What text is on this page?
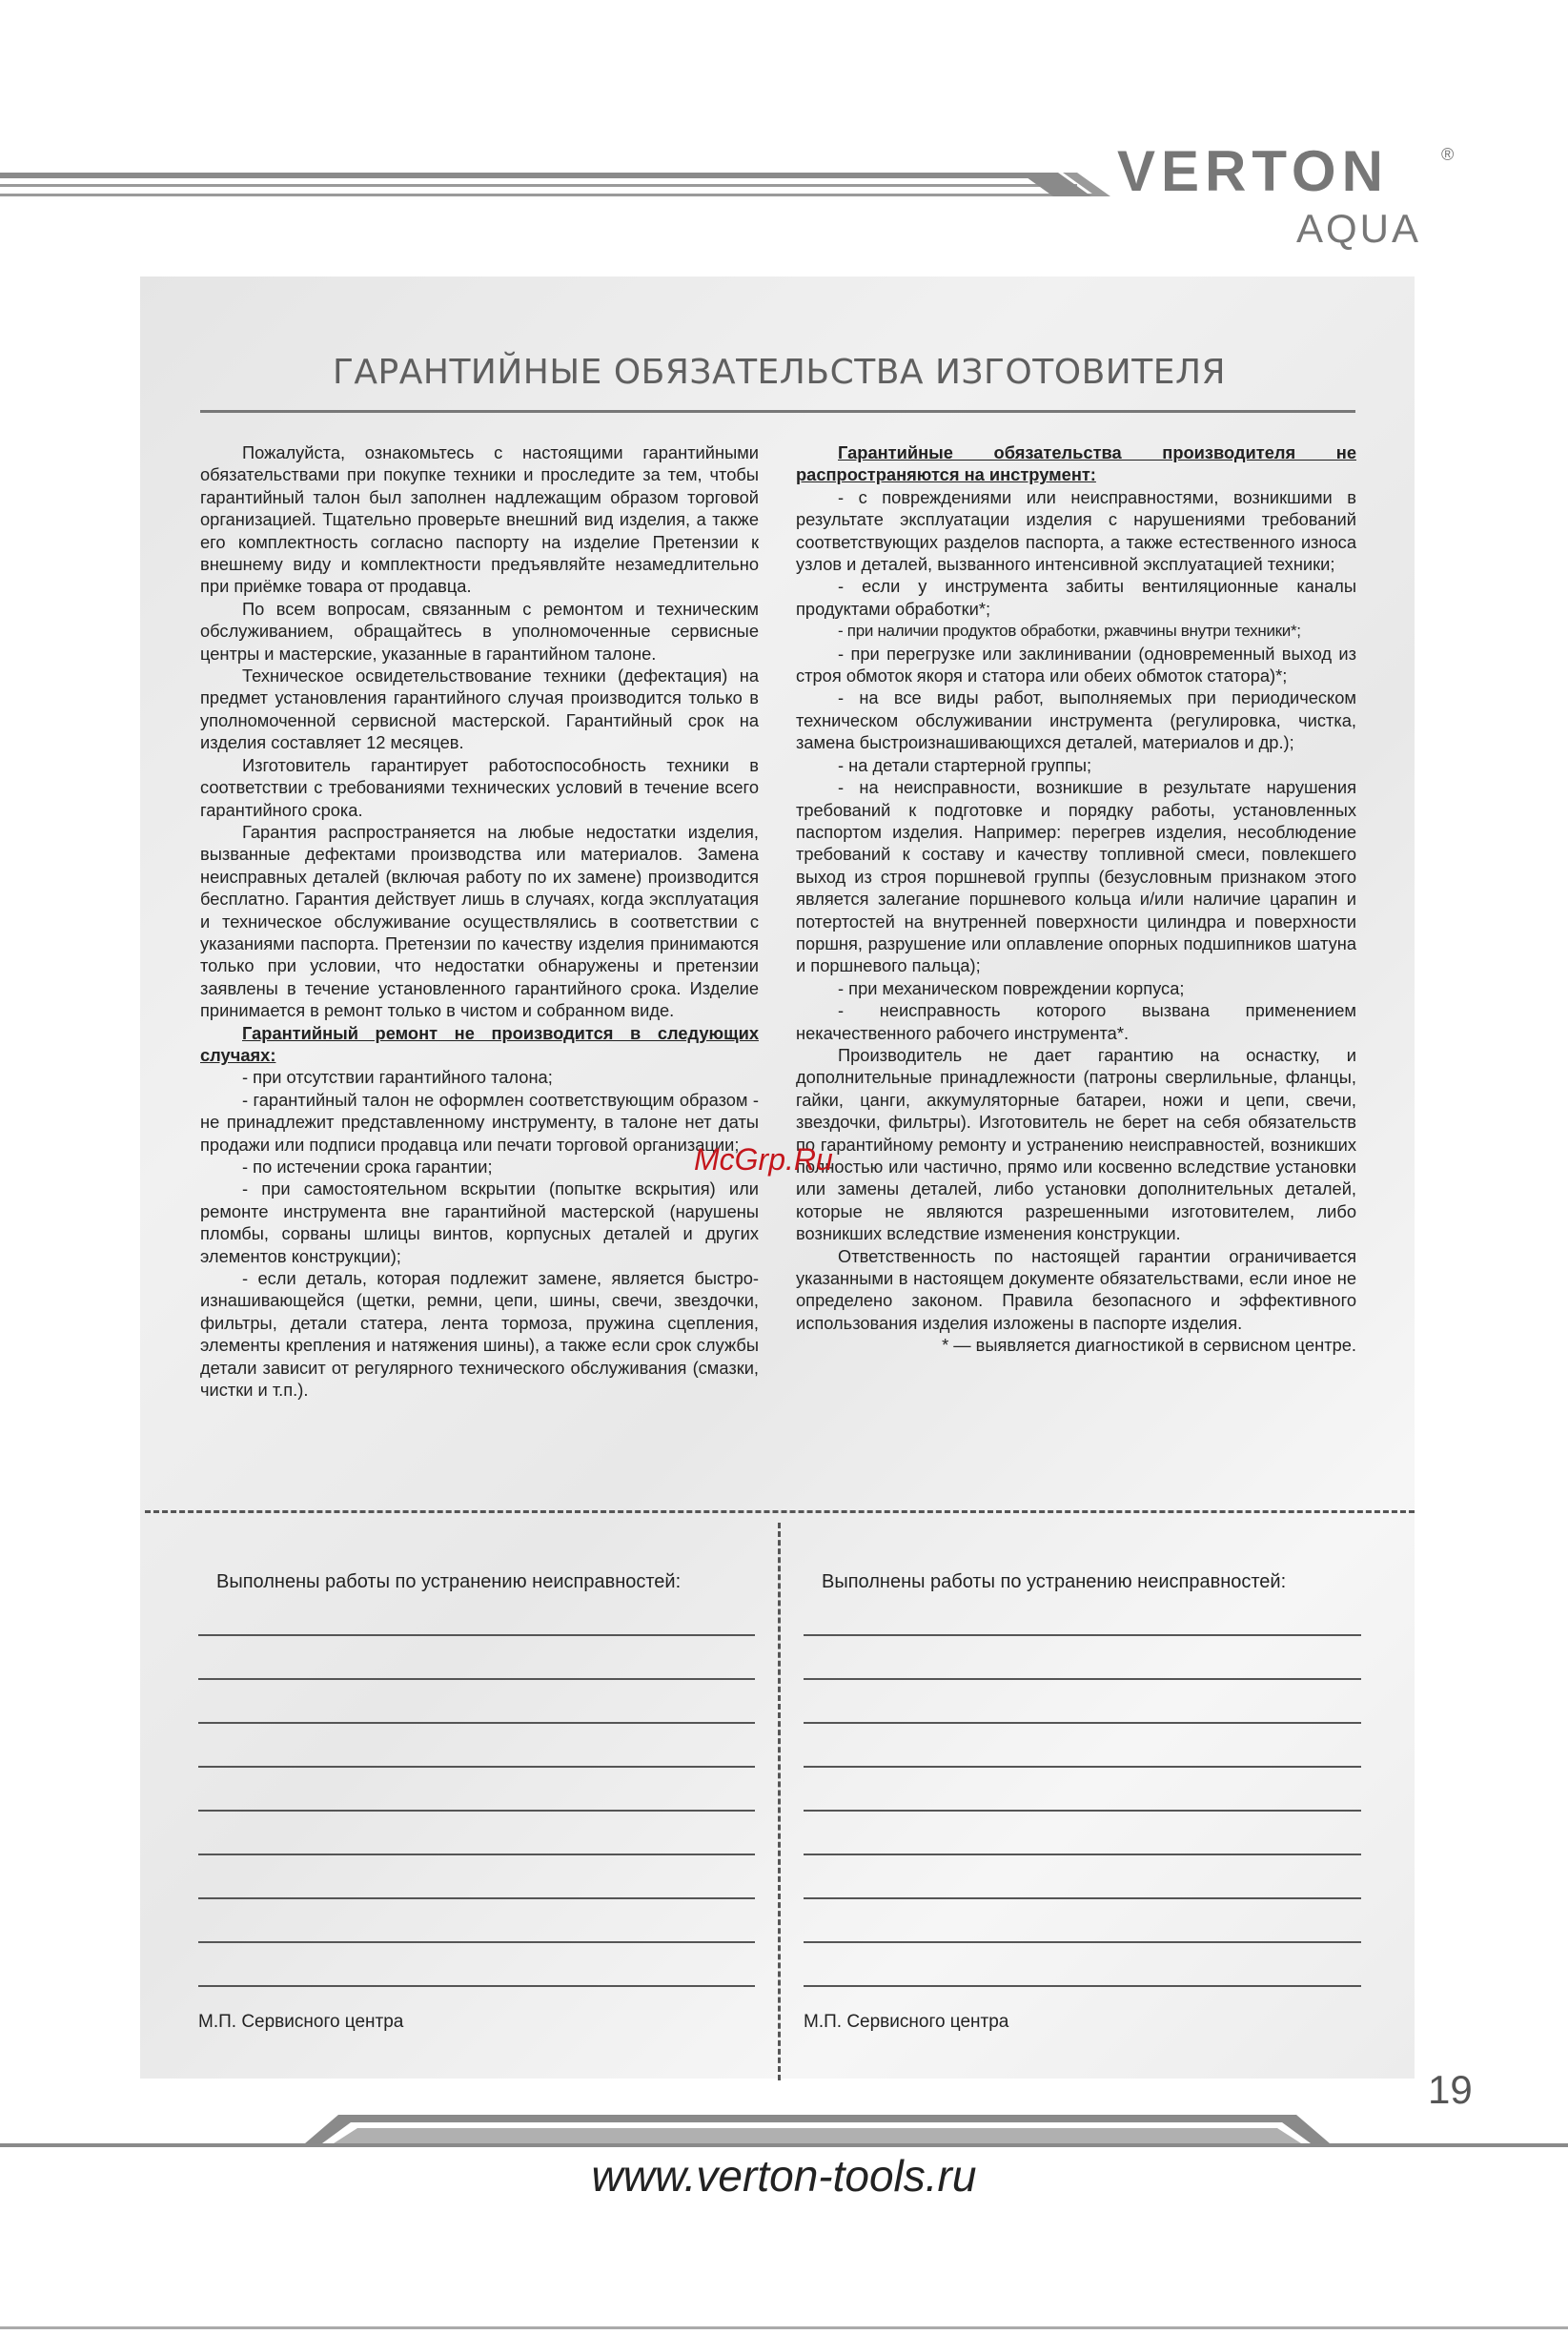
VERTON	®
AQUA
ГАРАНТИЙНЫЕ ОБЯЗАТЕЛЬСТВА ИЗГОТОВИТЕЛЯ

Пожалуйста, ознакомьтесь с настоящими гарантийными обязательствами при покупке техники и проследите за тем, чтобы гарантийный талон был заполнен надлежащим образом торговой организацией. Тщательно проверьте внешний вид изделия, а также его комплектность согласно паспорту на изделие Претензии к внешнему виду и комплектности предъявляйте незамедлительно при приёмке товара от продавца.

По всем вопросам, связанным с ремонтом и техническим обслуживанием, обращайтесь в уполномоченные сервисные центры и мастерские, указанные в гарантийном талоне.

Техническое освидетельствование техники (дефектация) на предмет установления гарантийного случая производится только в уполномоченной сервисной мастерской. Гарантийный срок на изделия составляет 12 месяцев.

Изготовитель гарантирует работоспособность техники в соответствии с требованиями технических условий в течение всего гарантийного срока.

Гарантия распространяется на любые недостатки изделия, вызванные дефектами производства или материалов. Замена неисправных деталей (включая работу по их замене) производится бесплатно. Гарантия действует лишь в случаях, когда эксплуатация и техническое обслуживание осуществлялись в соответствии с указаниями паспорта. Претензии по качеству изделия принимаются только при условии, что недостатки обнаружены и претензии заявлены в течение установленного гарантийного срока. Изделие принимается в ремонт только в чистом и собранном виде.

Гарантийный ремонт не производится в следующих случаях:

- при отсутствии гарантийного талона;

- гарантийный талон не оформлен соответствующим образом - не принадлежит представленному инструменту, в талоне нет даты продажи или подписи продавца или печати торговой организации;

- по истечении срока гарантии;

- при самостоятельном вскрытии (попытке вскрытия) или ремонте инструмента вне гарантийной мастерской (нарушены пломбы, сорваны шлицы винтов, корпусных деталей и других элементов конструкции);

- если деталь, которая подлежит замене, является быстро-изнашивающейся (щетки, ремни, цепи, шины, свечи, звездочки, фильтры, детали статера, лента тормоза, пружина сцепления, элементы крепления и натяжения шины), а также если срок службы детали зависит от регулярного технического обслуживания (смазки, чистки и т.п.).

Гарантийные обязательства производителя не распространяются на инструмент:

- с повреждениями или неисправностями, возникшими в результате эксплуатации изделия с нарушениями требований соответствующих разделов паспорта, а также естественного износа узлов и деталей, вызванного интенсивной эксплуатацией техники;

- если у инструмента забиты вентиляционные каналы продуктами обработки*;

- при наличии продуктов обработки, ржавчины внутри техники*;

- при перегрузке или заклинивании (одновременный выход из строя обмоток якоря и статора или обеих обмоток статора)*;

- на все виды работ, выполняемых при периодическом техническом обслуживании инструмента (регулировка, чистка, замена быстроизнашивающихся деталей, материалов и др.);

- на детали стартерной группы;

- на неисправности, возникшие в результате нарушения требований к подготовке и порядку работы, установленных паспортом изделия. Например: перегрев изделия, несоблюдение требований к составу и качеству топливной смеси, повлекшего выход из строя поршневой группы (безусловным признаком этого является залегание поршневого кольца и/или наличие царапин и потертостей на внутренней поверхности цилиндра и поверхности поршня, разрушение или оплавление опорных подшипников шатуна и поршневого пальца);

- при механическом повреждении корпуса;

- неисправность которого вызвана применением некачественного рабочего инструмента*.

Производитель не дает гарантию на оснастку, и дополнительные принадлежности (патроны сверлильные, фланцы, гайки, цанги, аккумуляторные батареи, ножи и цепи, свечи, звездочки, фильтры). Изготовитель не берет на себя обязательств по гарантийному ремонту и устранению неисправностей, возникших полностью или частично, прямо или косвенно вследствие установки или замены деталей, либо установки дополнительных деталей, которые не являются разрешенными изготовителем, либо возникших вследствие изменения конструкции.

Ответственность по настоящей гарантии ограничивается указанными в настоящем документе обязательствами, если иное не определено законом. Правила безопасного и эффективного использования изделия изложены в паспорте изделия.

* — выявляется диагностикой в сервисном центре.

McGrp.Ru
Выполнены работы по устранению неисправностей:	Выполнены работы по устранению неисправностей:
М.П. Сервисного центра	М.П. Сервисного центра
19
www.verton-tools.ru
